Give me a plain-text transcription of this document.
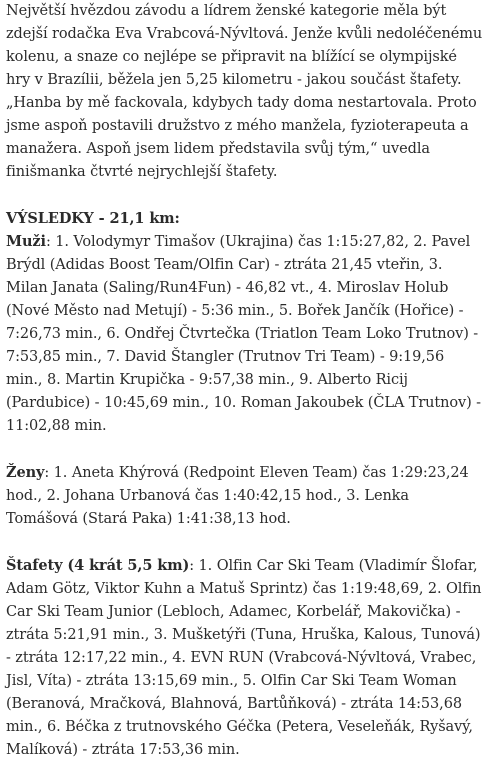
Největší hvězdou závodu a lídrem ženské kategorie měla být zdejší rodačka Eva Vrabcová-Nývltová. Jenže kvůli nedoléčenému kolenu, a snaze co nejlépe se připravit na blížící se olympijské hry v Brazílii, běžela jen 5,25 kilometru - jakou součást štafety. „Hanba by mě fackovala, kdybych tady doma nestartovala. Proto jsme aspoň postavili družstvo z mého manžela, fyzioterapeuta a manažera. Aspoň jsem lidem představila svůj tým,“ uvedla finišmanka čtvrté nejrychlejší štafety.

VÝSLEDKY - 21,1 km:

Muži: 1. Volodymyr Timašov (Ukrajina) čas 1:15:27,82, 2. Pavel Brýdl (Adidas Boost Team/Olfin Car) - ztráta 21,45 vteřin, 3. Milan Janata (Saling/Run4Fun) - 46,82 vt., 4. Miroslav Holub (Nové Město nad Metují) - 5:36 min., 5. Bořek Jančík (Hořice) - 7:26,73 min., 6. Ondřej Čtvrtečka (Triatlon Team Loko Trutnov) - 7:53,85 min., 7. David Štangler (Trutnov Tri Team) - 9:19,56 min., 8. Martin Krupička - 9:57,38 min., 9. Alberto Ricij (Pardubice) - 10:45,69 min., 10. Roman Jakoubek (ČLA Trutnov) - 11:02,88 min.

Ženy: 1. Aneta Khýrová (Redpoint Eleven Team) čas 1:29:23,24 hod., 2. Johana Urbanová čas 1:40:42,15 hod., 3. Lenka Tomášová (Stará Paka) 1:41:38,13 hod.

Štafety (4 krát 5,5 km): 1. Olfin Car Ski Team (Vladimír Šlofar, Adam Götz, Viktor Kuhn a Matuš Sprintz) čas 1:19:48,69, 2. Olfin Car Ski Team Junior (Lebloch, Adamec, Korbelář, Makovička) - ztráta 5:21,91 min., 3. Mušketýři (Tuna, Hruška, Kalous, Tunová) - ztráta 12:17,22 min., 4. EVN RUN (Vrabcová-Nývltová, Vrabec, Jisl, Víta) - ztráta 13:15,69 min., 5. Olfin Car Ski Team Woman (Beranová, Mračková, Blahnová, Bartůňková) - ztráta 14:53,68 min., 6. Béčka z trutnovského Géčka (Petera, Veseleňák, Ryšavý, Malíková) - ztráta 17:53,36 min.
